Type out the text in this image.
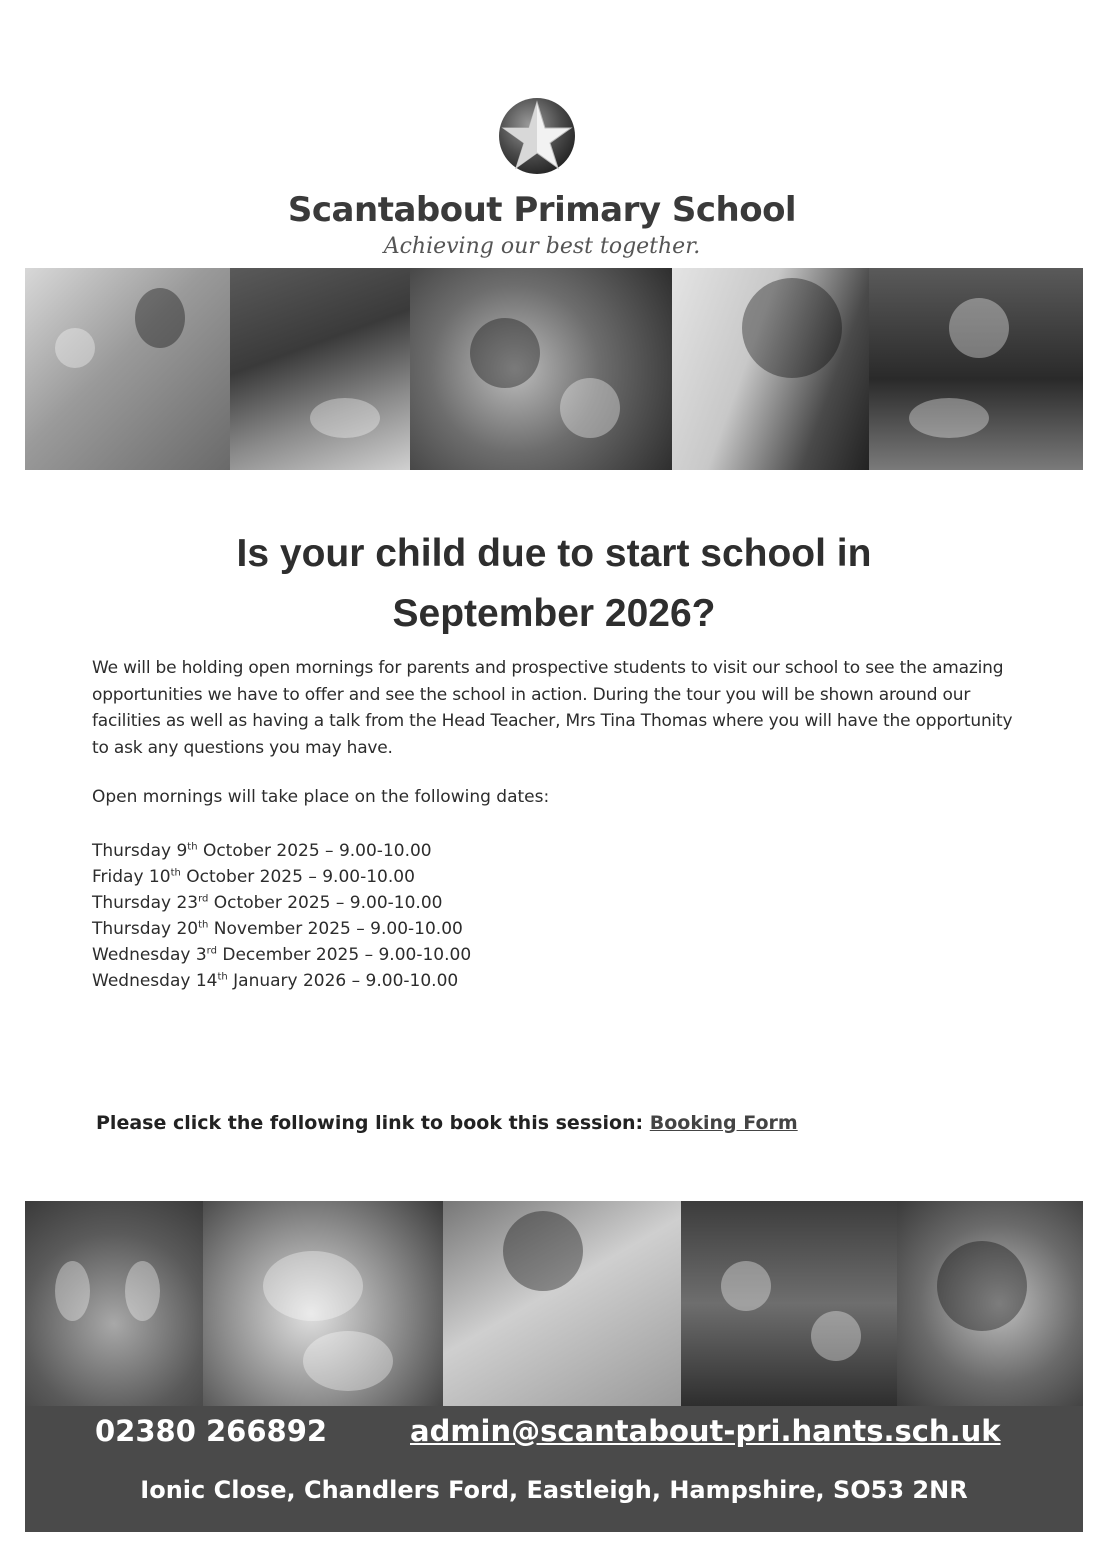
Scantabout Primary School
Achieving our best together.
Is your child due to start school in
September 2026?

We will be holding open mornings for parents and prospective students to visit our school to see the amazing opportunities we have to offer and see the school in action. During the tour you will be shown around our facilities as well as having a talk from the Head Teacher, Mrs Tina Thomas where you will have the opportunity to ask any questions you may have.

Open mornings will take place on the following dates:
Thursday 9th October 2025 – 9.00-10.00
Friday 10th October 2025 – 9.00-10.00
Thursday 23rd October 2025 – 9.00-10.00
Thursday 20th November 2025 – 9.00-10.00
Wednesday 3rd December 2025 – 9.00-10.00
Wednesday 14th January 2026 – 9.00-10.00
Please click the following link to book this session: Booking Form
02380 266892	admin@scantabout-pri.hants.sch.uk
Ionic Close, Chandlers Ford, Eastleigh, Hampshire, SO53 2NR
